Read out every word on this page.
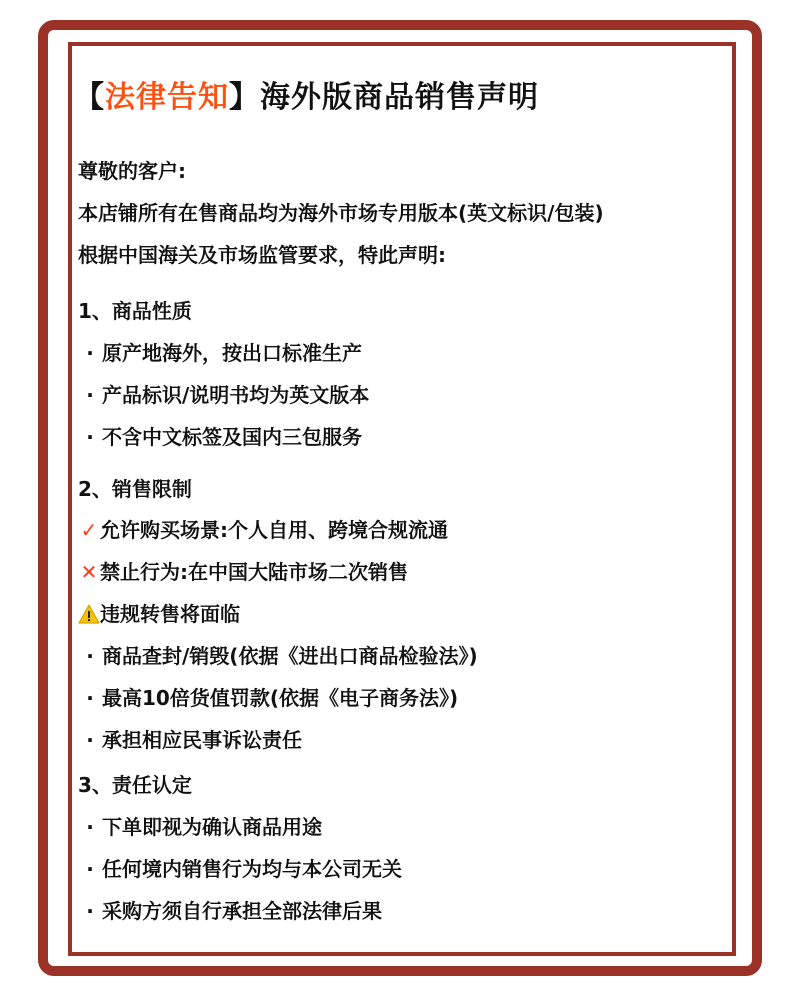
【法律告知】海外版商品销售声明
尊敬的客户:
本店铺所有在售商品均为海外市场专用版本(英文标识/包装)
根据中国海关及市场监管要求，特此声明:
1、商品性质
· 原产地海外，按出口标准生产
· 产品标识/说明书均为英文版本
· 不含中文标签及国内三包服务
2、销售限制
✓ 允许购买场景:个人自用、跨境合规流通
✕ 禁止行为:在中国大陆市场二次销售
违规转售将面临
· 商品查封/销毁(依据《进出口商品检验法》)
· 最高10倍货值罚款(依据《电子商务法》)
· 承担相应民事诉讼责任
3、责任认定
· 下单即视为确认商品用途
· 任何境内销售行为均与本公司无关
· 采购方须自行承担全部法律后果
